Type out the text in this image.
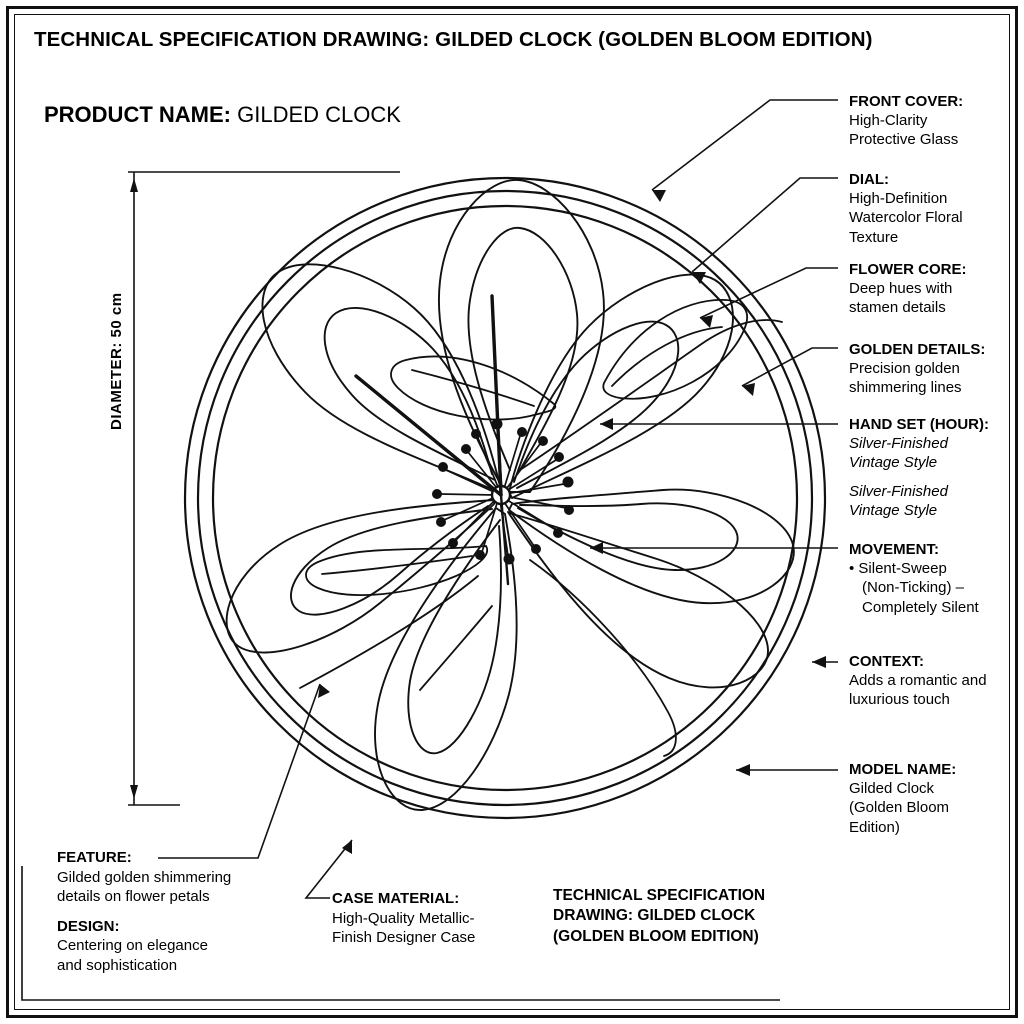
TECHNICAL SPECIFICATION DRAWING: GILDED CLOCK (GOLDEN BLOOM EDITION)
PRODUCT NAME: GILDED CLOCK
DIAMETER: 50 cm
FRONT COVER:
High-Clarity
Protective Glass
DIAL:
High-Definition
Watercolor Floral
Texture
FLOWER CORE:
Deep hues with
stamen details
GOLDEN DETAILS:
Precision golden
shimmering lines
HAND SET (HOUR):
Silver-Finished
Vintage Style
Silver-Finished
Vintage Style
MOVEMENT:
• Silent-Sweep
(Non-Ticking) –
Completely Silent
CONTEXT:
Adds a romantic and
luxurious touch
MODEL NAME:
Gilded Clock
(Golden Bloom
Edition)
FEATURE:
Gilded golden shimmering
details on flower petals
DESIGN:
Centering on elegance
and sophistication
CASE MATERIAL:
High-Quality Metallic-
Finish Designer Case
TECHNICAL SPECIFICATION
DRAWING: GILDED CLOCK
(GOLDEN BLOOM EDITION)
